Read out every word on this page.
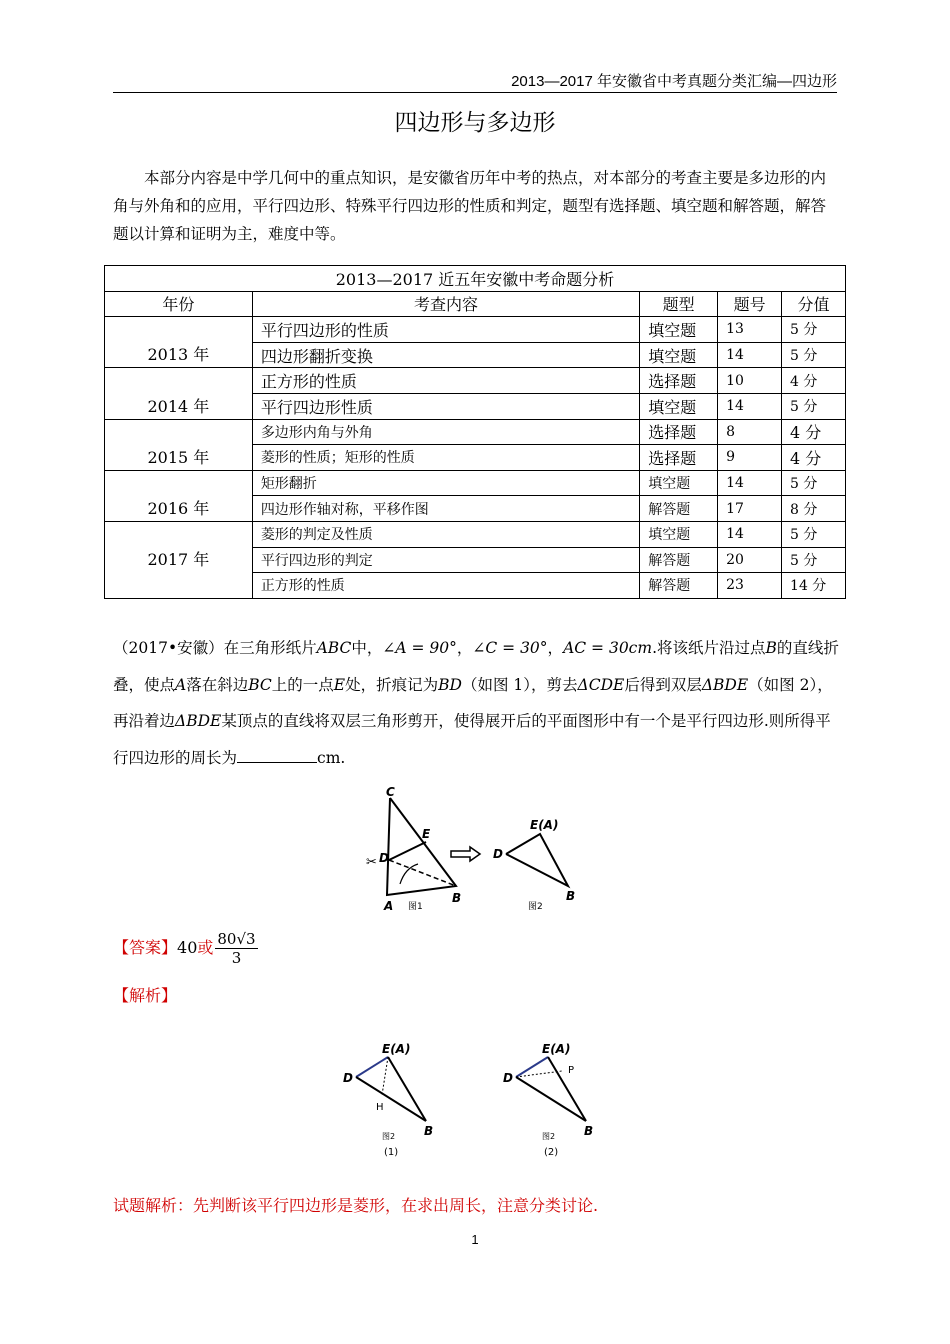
2013—2017 年安徽省中考真题分类汇编—四边形
四边形与多边形
本部分内容是中学几何中的重点知识，是安徽省历年中考的热点，对本部分的考查主要是多边形的内角与外角和的应用，平行四边形、特殊平行四边形的性质和判定，题型有选择题、填空题和解答题，解答题以计算和证明为主，难度中等。
2013—2017 近五年安徽中考命题分析				
年份	考查内容	题型	题号	分值
2013 年	平行四边形的性质	填空题	13	5 分
	四边形翻折变换	填空题	14	5 分
2014 年	正方形的性质	选择题	10	4 分
	平行四边形性质	填空题	14	5 分
2015 年	多边形内角与外角	选择题	8	4 分
	菱形的性质；矩形的性质	选择题	9	4 分
2016 年	矩形翻折	填空题	14	5 分
	四边形作轴对称，平移作图	解答题	17	8 分
2017 年	菱形的判定及性质	填空题	14	5 分
	平行四边形的判定	解答题	20	5 分
	正方形的性质	解答题	23	14 分
（2017•安徽）在三角形纸片ABC中，∠A = 90°，∠C = 30°，AC = 30cm.将该纸片沿过点B的直线折叠，使点A落在斜边BC上的一点E处，折痕记为BD（如图 1），剪去ΔCDE后得到双层ΔBDE（如图 2），再沿着边ΔBDE某顶点的直线将双层三角形剪开，使得展开后的平面图形中有一个是平行四边形.则所得平行四边形的周长为	cm.
✂
C
E
D
A
B
图1
E(A)
D
B
图2
【答案】40或 $\frac{80√3}{3}$
【解析】
E(A)
D
H
B
图2
(1)
E(A)
D
P
B
图2
(2)
试题解析：先判断该平行四边形是菱形，在求出周长，注意分类讨论.
1
